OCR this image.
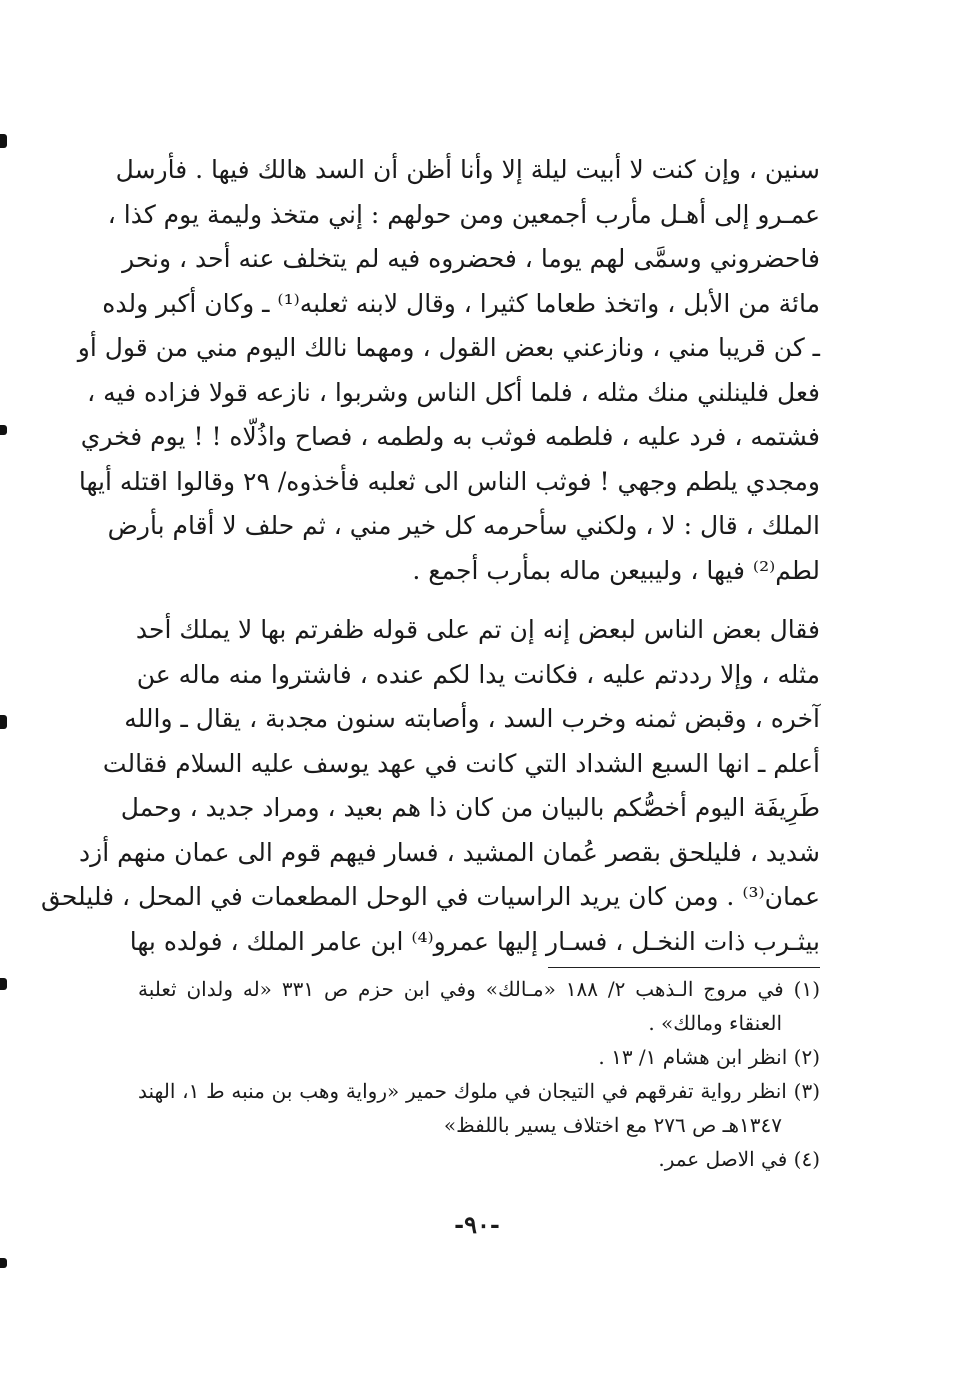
سنين ، وإن كنت لا أبيت ليلة إلا وأنا أظن أن السد هالك فيها . فأرسل
عمـرو إلى أهـل مأرب أجمعين ومن حولهم : إني متخذ وليمة يوم كذا ،
فاحضروني وسمَّى لهم يوما ، فحضروه فيه لم يتخلف عنه أحد ، ونحر
مائة من الأبل ، واتخذ طعاما كثيرا ، وقال لابنه ثعلبه⁽¹⁾ ـ وكان أكبر ولده
ـ كن قريبا مني ، ونازعني بعض القول ، ومهما نالك اليوم مني من قول أو
فعل فلينلني منك مثله ، فلما أكل الناس وشربوا ، نازعه قولا فزاده فيه ،
فشتمه ، فرد عليه ، فلطمه فوثب به ولطمه ، فصاح واذُلّاه ! ! يوم فخري
ومجدي يلطم وجهي ! فوثب الناس الى ثعلبه فأخذوه/ ٢٩ وقالوا اقتله أيها
الملك ، قال : لا ، ولكني سأحرمه كل خير مني ، ثم حلف لا أقام بأرض
لطم⁽²⁾ فيها ، وليبيعن ماله بمأرب أجمع .
فقال بعض الناس لبعض إنه إن تم على قوله ظفرتم بها لا يملك أحد
مثله ، وإلا رددتم عليه ، فكانت يدا لكم عنده ، فاشتروا منه ماله عن
آخره ، وقبض ثمنه وخرب السد ، وأصابته سنون مجدبة ، يقال ـ والله
أعلم ـ انها السبع الشداد التي كانت في عهد يوسف عليه السلام فقالت
طَرِيفَة اليوم أخصُّكم بالبيان من كان ذا هم بعيد ، ومراد جديد ، وحمل
شديد ، فليلحق بقصر عُمان المشيد ، فسار فيهم قوم الى عمان منهم أزد
عمان⁽³⁾ . ومن كان يريد الراسيات في الوحل المطعمات في المحل ، فليلحق
بيثـرب ذات النخـل ، فسـار إليها عمرو⁽⁴⁾ ابن عامر الملك ، فولده بها
(١) في مروج الـذهب ٢/ ١٨٨ «مـالك» وفي ابن حزم ص ٣٣١ «له ولدان ثعلبة
العنقاء ومالك» .
(٢) انظر ابن هشام ١/ ١٣ .
(٣) انظر رواية تفرقهم في التيجان في ملوك حمير «رواية وهب بن منبه ط ١، الهند
١٣٤٧هـ ص ٢٧٦ مع اختلاف يسير باللفظ»
(٤) في الاصل عمر.
-٩٠-
